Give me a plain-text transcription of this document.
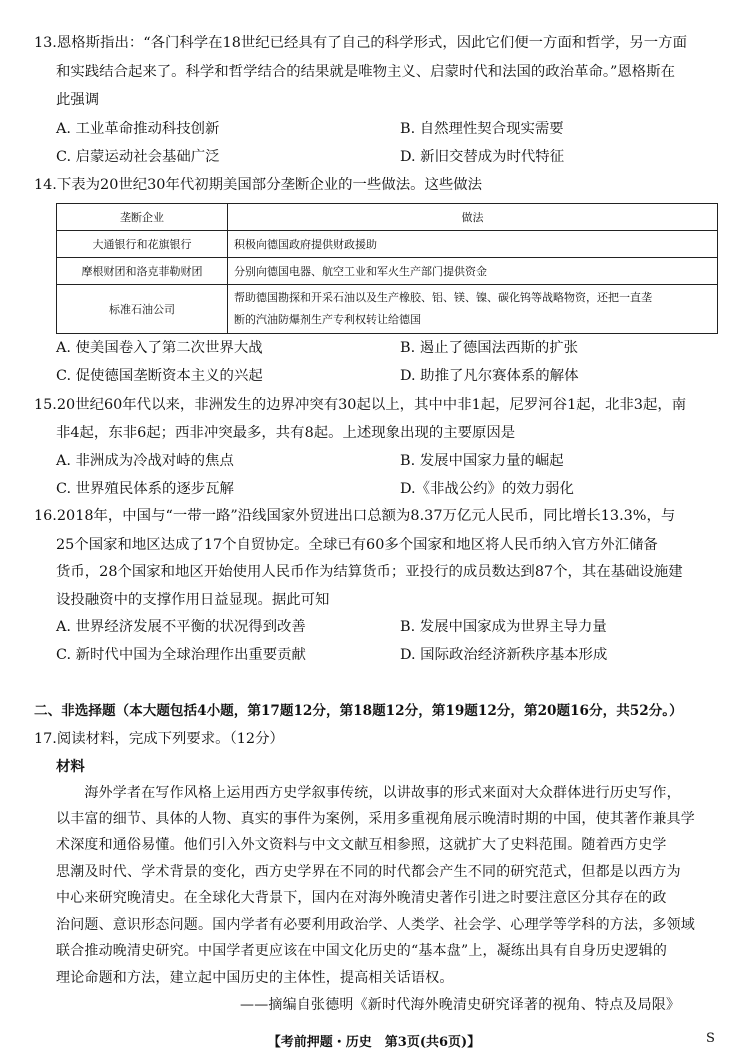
13.恩格斯指出：“各门科学在18世纪已经具有了自己的科学形式，因此它们便一方面和哲学，另一方面
和实践结合起来了。科学和哲学结合的结果就是唯物主义、启蒙时代和法国的政治革命。”恩格斯在
此强调
A. 工业革命推动科技创新	B. 自然理性契合现实需要
C. 启蒙运动社会基础广泛	D. 新旧交替成为时代特征
14.下表为20世纪30年代初期美国部分垄断企业的一些做法。这些做法
垄断企业	做法
大通银行和花旗银行	积极向德国政府提供财政援助
摩根财团和洛克菲勒财团	分别向德国电器、航空工业和军火生产部门提供资金
标准石油公司	帮助德国勘探和开采石油以及生产橡胶、铝、镁、镍、碳化钨等战略物资，还把一直垄
断的汽油防爆剂生产专利权转让给德国
A. 使美国卷入了第二次世界大战	B. 遏止了德国法西斯的扩张
C. 促使德国垄断资本主义的兴起	D. 助推了凡尔赛体系的解体
15.20世纪60年代以来，非洲发生的边界冲突有30起以上，其中中非1起，尼罗河谷1起，北非3起，南
非4起，东非6起；西非冲突最多，共有8起。上述现象出现的主要原因是
A. 非洲成为冷战对峙的焦点	B. 发展中国家力量的崛起
C. 世界殖民体系的逐步瓦解	D.《非战公约》的效力弱化
16.2018年，中国与“一带一路”沿线国家外贸进出口总额为8.37万亿元人民币，同比增长13.3%，与
25个国家和地区达成了17个自贸协定。全球已有60多个国家和地区将人民币纳入官方外汇储备
货币，28个国家和地区开始使用人民币作为结算货币；亚投行的成员数达到87个，其在基础设施建
设投融资中的支撑作用日益显现。据此可知
A. 世界经济发展不平衡的状况得到改善	B. 发展中国家成为世界主导力量
C. 新时代中国为全球治理作出重要贡献	D. 国际政治经济新秩序基本形成
二、非选择题（本大题包括4小题，第17题12分，第18题12分，第19题12分，第20题16分，共52分。）
17.阅读材料，完成下列要求。（12分）
材料
　　海外学者在写作风格上运用西方史学叙事传统，以讲故事的形式来面对大众群体进行历史写作，
以丰富的细节、具体的人物、真实的事件为案例，采用多重视角展示晚清时期的中国，使其著作兼具学
术深度和通俗易懂。他们引入外文资料与中文文献互相参照，这就扩大了史料范围。随着西方史学
思潮及时代、学术背景的变化，西方史学界在不同的时代都会产生不同的研究范式，但都是以西方为
中心来研究晚清史。在全球化大背景下，国内在对海外晚清史著作引进之时要注意区分其存在的政
治问题、意识形态问题。国内学者有必要利用政治学、人类学、社会学、心理学等学科的方法，多领域
联合推动晚清史研究。中国学者更应该在中国文化历史的“基本盘”上，凝练出具有自身历史逻辑的
理论命题和方法，建立起中国历史的主体性，提高相关话语权。
——摘编自张德明《新时代海外晚清史研究译著的视角、特点及局限》
【考前押题・历史　第3页(共6页)】	S
